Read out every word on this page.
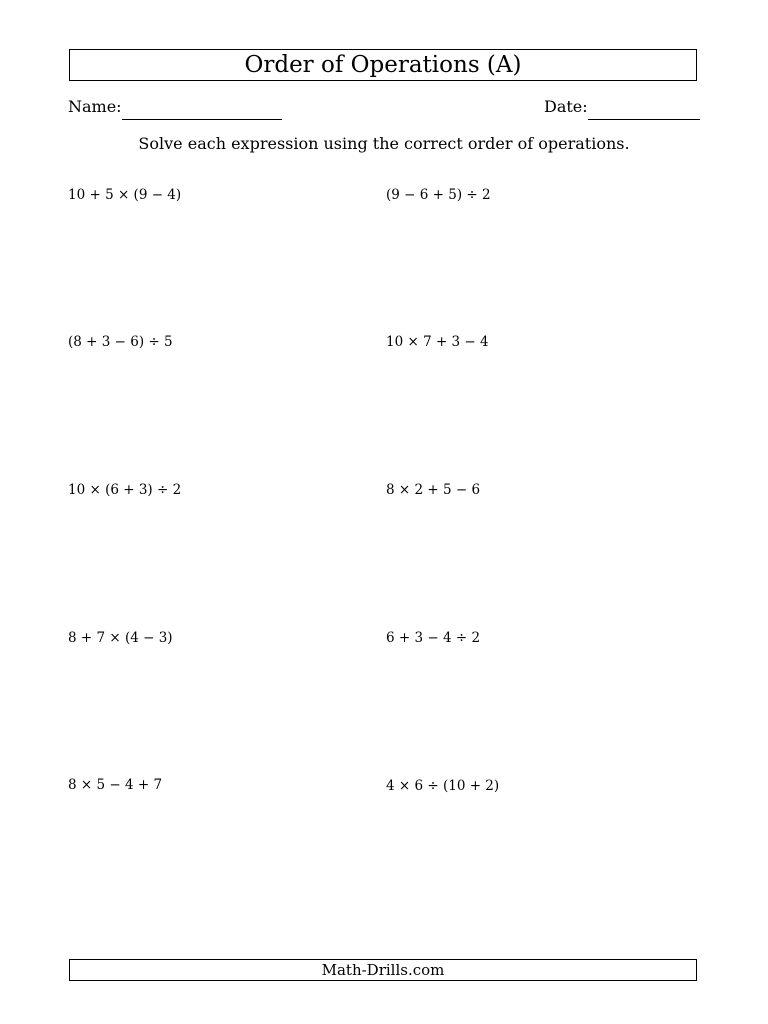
Order of Operations (A)
Name:	Date:
Solve each expression using the correct order of operations.
10 + 5 × (9 − 4)
(8 + 3 − 6) ÷ 5
10 × (6 + 3) ÷ 2
8 + 7 × (4 − 3)
8 × 5 − 4 + 7
(9 − 6 + 5) ÷ 2
10 × 7 + 3 − 4
8 × 2 + 5 − 6
6 + 3 − 4 ÷ 2
4 × 6 ÷ (10 + 2)
Math-Drills.com
